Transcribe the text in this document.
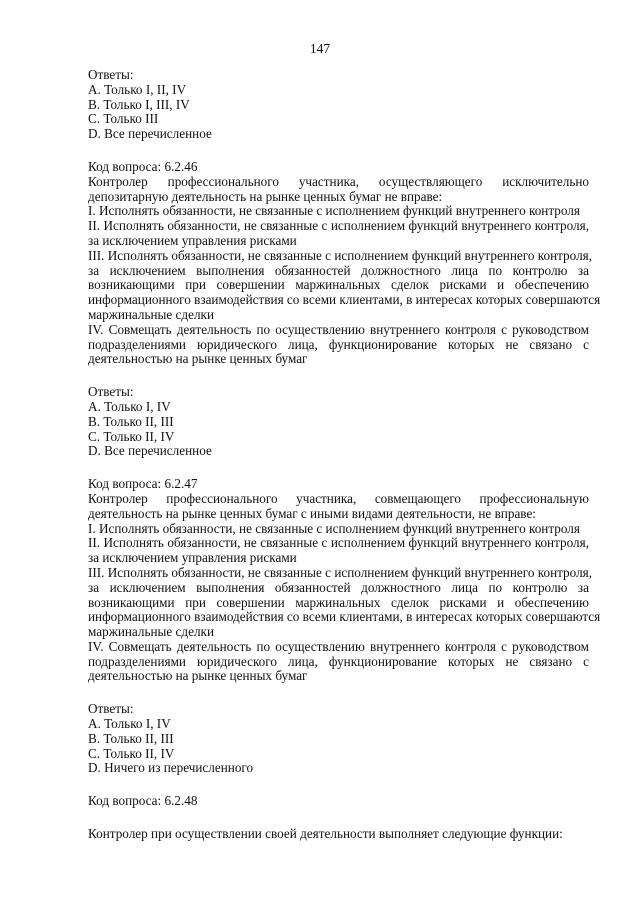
147
Ответы:
A. Только I, II, IV
B. Только I, III, IV
C. Только III
D. Все перечисленное
Код вопроса: 6.2.46
Контролер профессионального участника, осуществляющего исключительно
депозитарную деятельность на рынке ценных бумаг не вправе:
I. Исполнять обязанности, не связанные с исполнением функций внутреннего контроля
II. Исполнять обязанности, не связанные с исполнением функций внутреннего контроля,
за исключением управления рисками
III. Исполнять обязанности, не связанные с исполнением функций внутреннего контроля,
за исключением выполнения обязанностей должностного лица по контролю за
возникающими при совершении маржинальных сделок рисками и обеспечению
информационного взаимодействия со всеми клиентами, в интересах которых совершаются
маржинальные сделки
IV. Совмещать деятельность по осуществлению внутреннего контроля с руководством
подразделениями юридического лица, функционирование которых не связано с
деятельностью на рынке ценных бумаг
Ответы:
A. Только I, IV
B. Только II, III
C. Только II, IV
D. Все перечисленное
Код вопроса: 6.2.47
Контролер профессионального участника, совмещающего профессиональную
деятельность на рынке ценных бумаг с иными видами деятельности, не вправе:
I. Исполнять обязанности, не связанные с исполнением функций внутреннего контроля
II. Исполнять обязанности, не связанные с исполнением функций внутреннего контроля,
за исключением управления рисками
III. Исполнять обязанности, не связанные с исполнением функций внутреннего контроля,
за исключением выполнения обязанностей должностного лица по контролю за
возникающими при совершении маржинальных сделок рисками и обеспечению
информационного взаимодействия со всеми клиентами, в интересах которых совершаются
маржинальные сделки
IV. Совмещать деятельность по осуществлению внутреннего контроля с руководством
подразделениями юридического лица, функционирование которых не связано с
деятельностью на рынке ценных бумаг
Ответы:
A. Только I, IV
B. Только II, III
C. Только II, IV
D. Ничего из перечисленного
Код вопроса: 6.2.48
Контролер при осуществлении своей деятельности выполняет следующие функции:
